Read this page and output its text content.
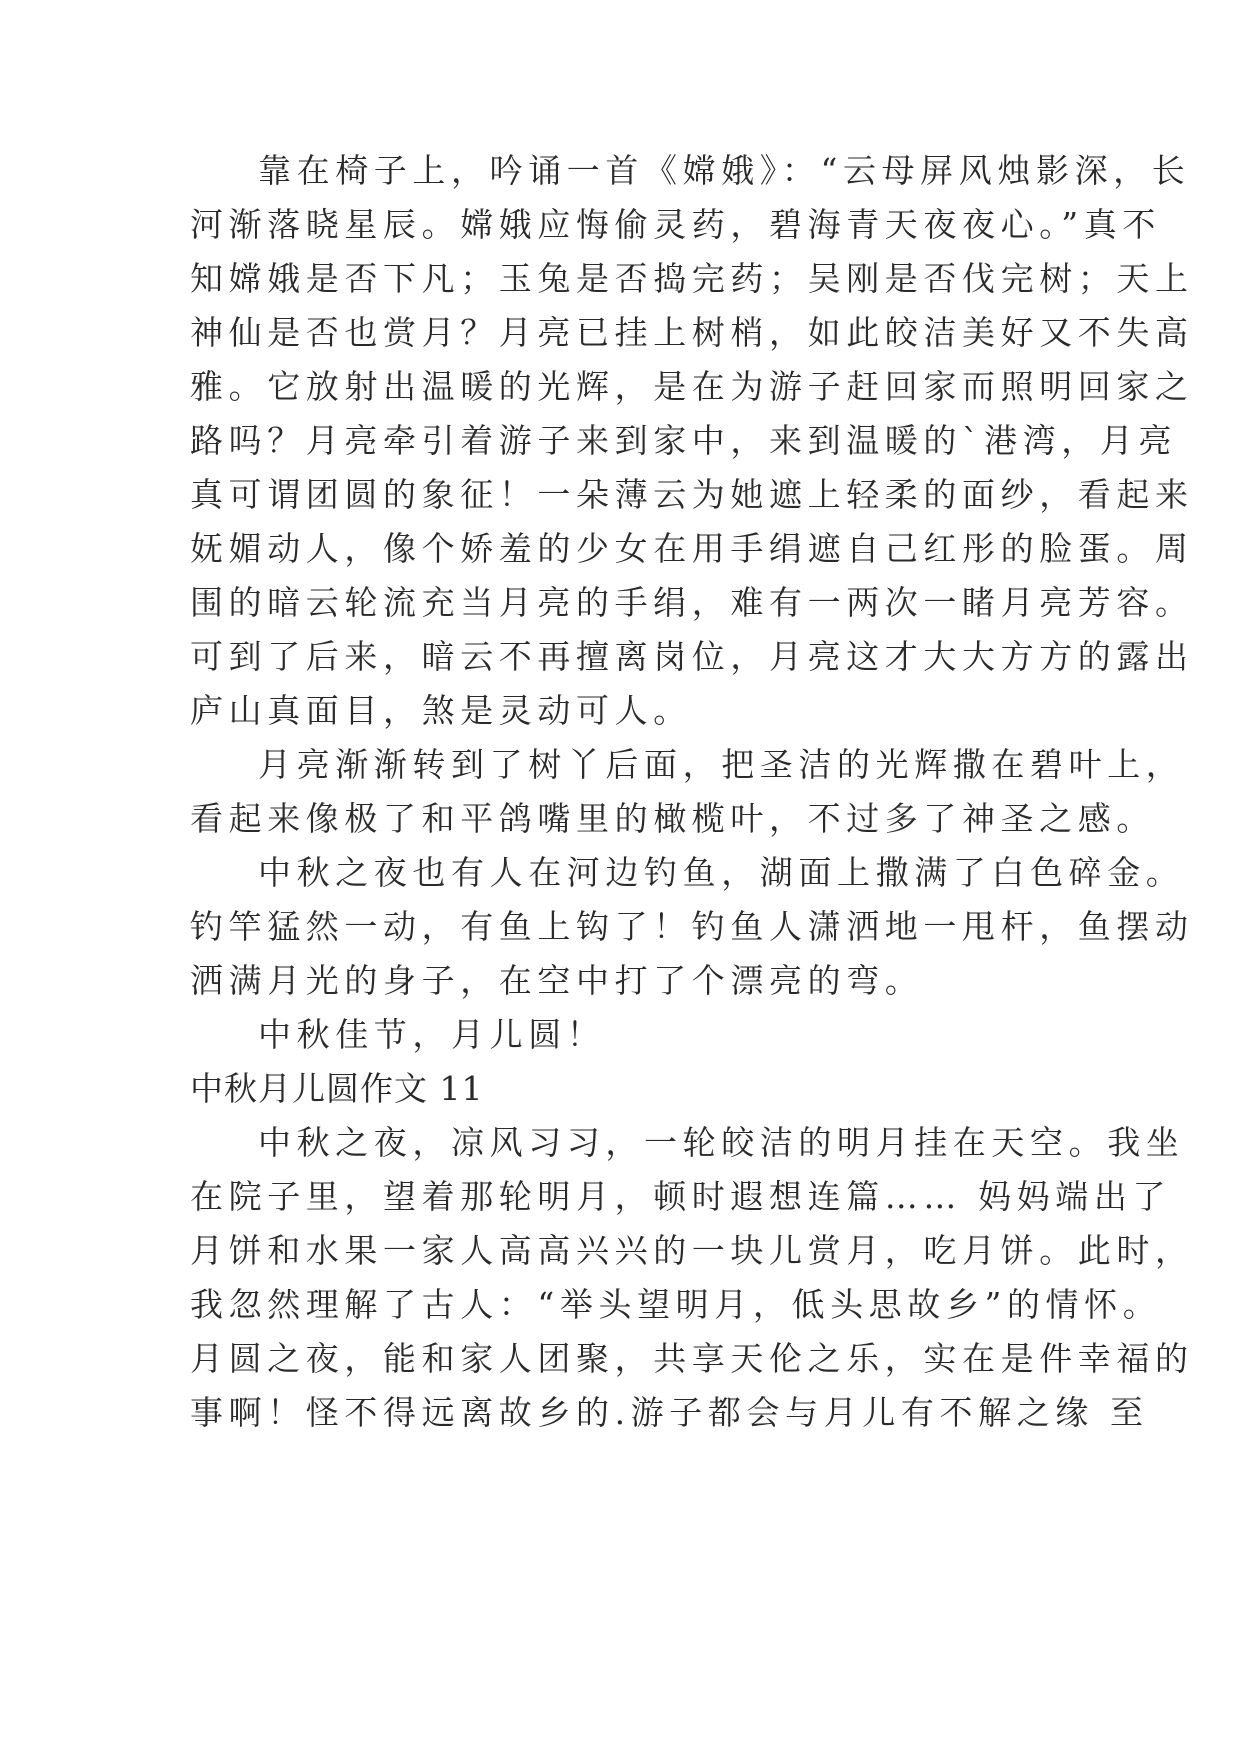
靠在椅子上，吟诵一首《嫦娥》：“云母屏风烛影深，长
河渐落晓星辰。嫦娥应悔偷灵药，碧海青天夜夜心。”真不
知嫦娥是否下凡；玉兔是否捣完药；吴刚是否伐完树；天上
神仙是否也赏月？月亮已挂上树梢，如此皎洁美好又不失高
雅。它放射出温暖的光辉，是在为游子赶回家而照明回家之
路吗？月亮牵引着游子来到家中，来到温暖的`港湾，月亮
真可谓团圆的象征！一朵薄云为她遮上轻柔的面纱，看起来
妩媚动人，像个娇羞的少女在用手绢遮自己红彤的脸蛋。周
围的暗云轮流充当月亮的手绢，难有一两次一睹月亮芳容。
可到了后来，暗云不再擅离岗位，月亮这才大大方方的露出
庐山真面目，煞是灵动可人。
月亮渐渐转到了树丫后面，把圣洁的光辉撒在碧叶上，
看起来像极了和平鸽嘴里的橄榄叶，不过多了神圣之感。
中秋之夜也有人在河边钓鱼，湖面上撒满了白色碎金。
钓竿猛然一动，有鱼上钩了！钓鱼人潇洒地一甩杆，鱼摆动
洒满月光的身子，在空中打了个漂亮的弯。
中秋佳节，月儿圆！
中秋月儿圆作文 11
中秋之夜，凉风习习，一轮皎洁的明月挂在天空。我坐
在院子里，望着那轮明月，顿时遐想连篇…… 妈妈端出了
月饼和水果一家人高高兴兴的一块儿赏月，吃月饼。此时，
我忽然理解了古人：“举头望明月，低头思故乡”的情怀。
月圆之夜，能和家人团聚，共享天伦之乐，实在是件幸福的
事啊！怪不得远离故乡的.游子都会与月儿有不解之缘 至
